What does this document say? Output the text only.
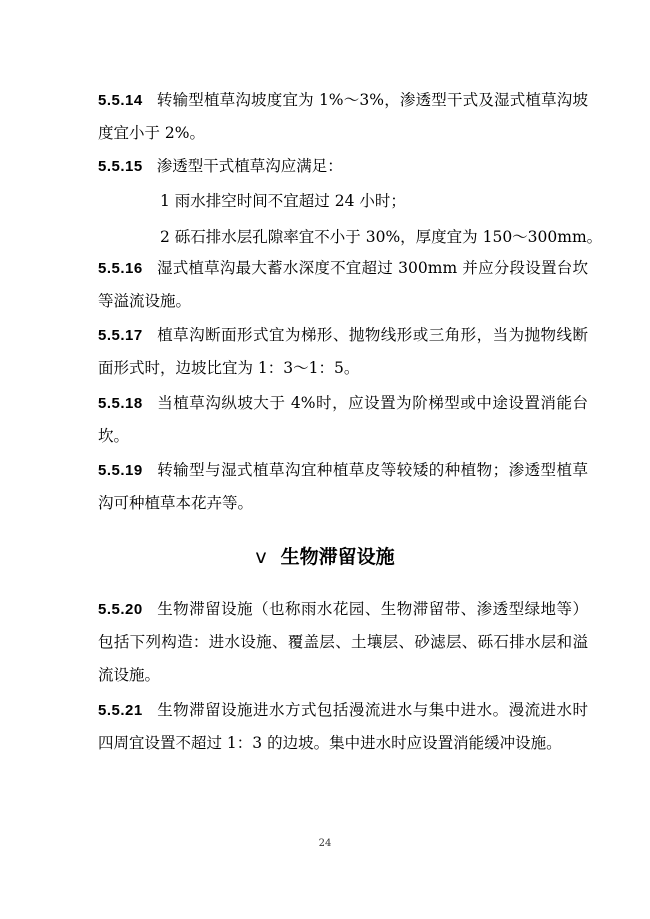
5.5.14 转输型植草沟坡度宜为 1%～3%，渗透型干式及湿式植草沟坡度宜小于 2%。
5.5.15 渗透型干式植草沟应满足：
1 雨水排空时间不宜超过 24 小时；
2 砾石排水层孔隙率宜不小于 30%，厚度宜为 150～300mm。
5.5.16 湿式植草沟最大蓄水深度不宜超过 300mm 并应分段设置台坎等溢流设施。
5.5.17 植草沟断面形式宜为梯形、抛物线形或三角形，当为抛物线断面形式时，边坡比宜为 1：3～1：5。
5.5.18 当植草沟纵坡大于 4%时，应设置为阶梯型或中途设置消能台坎。
5.5.19 转输型与湿式植草沟宜种植草皮等较矮的种植物；渗透型植草沟可种植草本花卉等。
ⅴ 生物滞留设施
5.5.20 生物滞留设施（也称雨水花园、生物滞留带、渗透型绿地等）包括下列构造：进水设施、覆盖层、土壤层、砂滤层、砾石排水层和溢流设施。
5.5.21 生物滞留设施进水方式包括漫流进水与集中进水。漫流进水时四周宜设置不超过 1：3 的边坡。集中进水时应设置消能缓冲设施。
24
